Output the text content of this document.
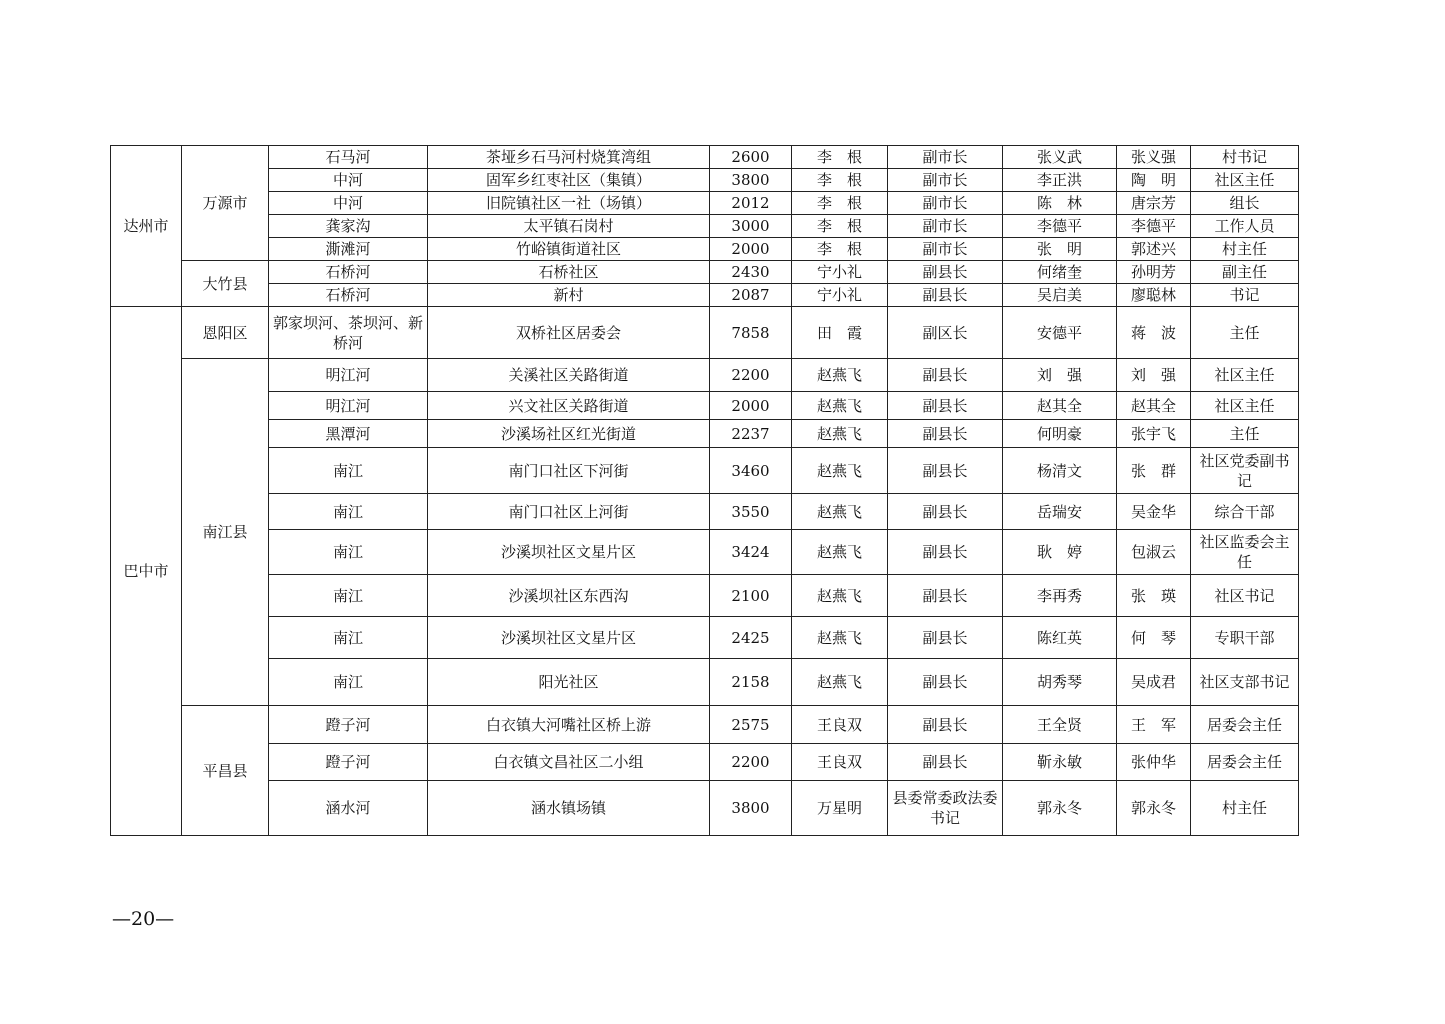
达州市	万源市	石马河	茶垭乡石马河村烧箕湾组	2600	李　根	副市长	张义武	张义强	村书记
		中河	固军乡红枣社区（集镇）	3800	李　根	副市长	李正洪	陶　明	社区主任
		中河	旧院镇社区一社（场镇）	2012	李　根	副市长	陈　林	唐宗芳	组长
		龚家沟	太平镇石岗村	3000	李　根	副市长	李德平	李德平	工作人员
		澌滩河	竹峪镇街道社区	2000	李　根	副市长	张　明	郭述兴	村主任
	大竹县	石桥河	石桥社区	2430	宁小礼	副县长	何绪奎	孙明芳	副主任
		石桥河	新村	2087	宁小礼	副县长	吴启美	廖聪林	书记
巴中市	恩阳区	郭家坝河、茶坝河、新桥河	双桥社区居委会	7858	田　霞	副区长	安德平	蒋　波	主任
	南江县	明江河	关溪社区关路街道	2200	赵燕飞	副县长	刘　强	刘　强	社区主任
		明江河	兴文社区关路街道	2000	赵燕飞	副县长	赵其全	赵其全	社区主任
		黑潭河	沙溪场社区红光街道	2237	赵燕飞	副县长	何明豪	张宇飞	主任
		南江	南门口社区下河街	3460	赵燕飞	副县长	杨清文	张　群	社区党委副书记
		南江	南门口社区上河街	3550	赵燕飞	副县长	岳瑞安	吴金华	综合干部
		南江	沙溪坝社区文星片区	3424	赵燕飞	副县长	耿　婷	包淑云	社区监委会主任
		南江	沙溪坝社区东西沟	2100	赵燕飞	副县长	李再秀	张　瑛	社区书记
		南江	沙溪坝社区文星片区	2425	赵燕飞	副县长	陈红英	何　琴	专职干部
		南江	阳光社区	2158	赵燕飞	副县长	胡秀琴	吴成君	社区支部书记
	平昌县	蹬子河	白衣镇大河嘴社区桥上游	2575	王良双	副县长	王全贤	王　军	居委会主任
		蹬子河	白衣镇文昌社区二小组	2200	王良双	副县长	靳永敏	张仲华	居委会主任
		涵水河	涵水镇场镇	3800	万星明	县委常委政法委书记	郭永冬	郭永冬	村主任
—20—
